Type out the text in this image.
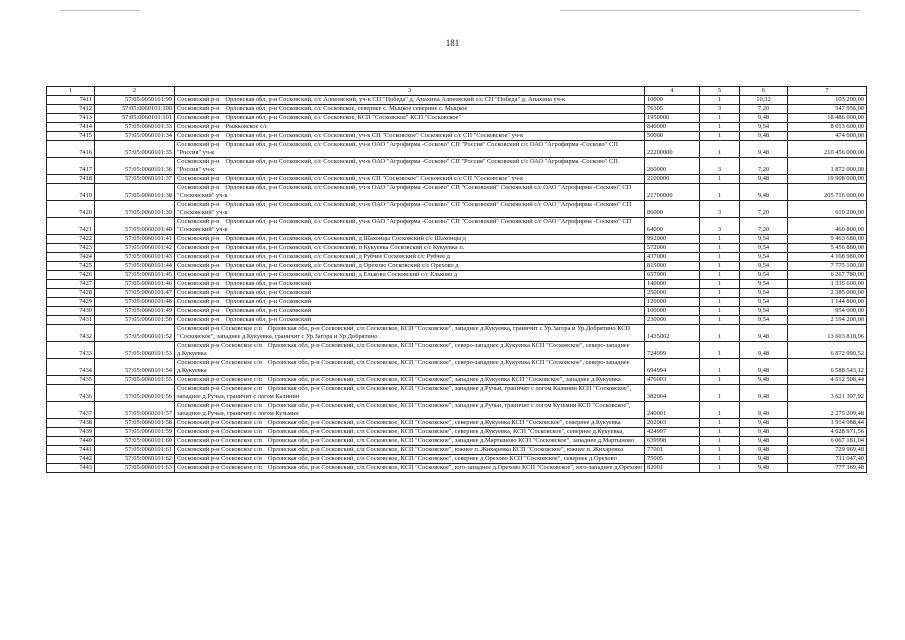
181
1	2	3	4	5	6	7
7411	57:05:0050101:99	Сосковский р-н Орловская обл, р-н Сосковский, с/с Алпеевский, уч-к СП "Победа" д. Анахина Алпеевский с/с СП "Победа" д. Анахина уч-к	10000	1	10,32	103 200,00
7412	57:05:0060101:100	Сосковский р-н Орловская обл, р-н Сосковский, с/с Сосковское, севернее с. Мыцкое северние с. Мыцкое	76305	3	7,20	547 956,00
7413	57:05:0060101:101	Сосковский р-н Орловская обл, р-н Сосковский, с/с Сосковское, КСП "Сосковское" КСП "Сосковское"	1950000	1	9,48	18 486 000,00
7414	57:05:0060101:33	Сосковский р-н Рыжковское с/с	840000	1	9,54	8 013 600,00
7415	57:05:0060101:34	Сосковский р-н Орловская обл, р-н Сосковский, с/с Сосковский, уч-к СП "Сосковское" Сосковский с/с СП "Сосковское" уч-к	50000	1	9,48	474 000,00
7416	57:05:0060101:35	Сосковский р-н Орловская обл, р-н Сосковский, с/с Сосковский, уч-к ОАО "Агрофирма -Сосково" СП "Россия" Сосковский с/с ОАО "Агрофирма -Сосково" СП "Россия" уч-к	22200000	1	9,48	210 456 000,00
7417	57:05:0060101:36	Сосковский р-н Орловская обл, р-н Сосковский, с/с Сосковский, уч-к ОАО "Агрофирма -Сосково" СП "Россия" Сосковский с/с ОАО "Агрофирма -Сосково" СП "Россия" уч-к	260000	3	7,20	1 872 000,00
7418	57:05:0060101:37	Сосковский р-н Орловская обл, р-н Сосковский, с/с Сосковский, уч-к СП "Сосковское" Сосковский с/с СП "Сосковское" уч-к	2100000	1	9,48	19 908 000,00
7419	57:05:0060101:38	Сосковский р-н Орловская обл, р-н Сосковский, с/с Сосковский, уч-к ОАО "Агрофирма -Сосково" СП "Сосковский" Сосковский с/с ОАО "Агрофирма -Сосково" СП "Сосковский" уч-к	21700000	1	9,48	205 716 000,00
7420	57:05:0060101:39	Сосковский р-н Орловская обл, р-н Сосковский, с/с Сосковский, уч-к ОАО "Агрофирма -Сосково" СП "Сосковский" Сосковский с/с ОАО "Агрофирма -Сосково" СП "Сосковский" уч-к	86000	3	7,20	619 200,00
7421	57:05:0060101:40	Сосковский р-н Орловская обл, р-н Сосковский, с/с Сосковский, уч-к ОАО "Агрофирма -Сосково" СП "Сосковский" Сосковский с/с ОАО "Агрофирма -Сосково" СП "Сосковский" уч-к	64000	3	7,20	460 800,00
7422	57:05:0060101:41	Сосковский р-н Орловская обл, р-н Сосковский, с/с Сосковский, д Шахонцы Сосковский с/с Шахонцы д	992000	1	9,54	9 463 680,00
7423	57:05:0060101:42	Сосковский р-н Орловская обл, р-н Сосковский, с/с Сосковский, п Кукуевка Сосковский с/с Кукуевка п.	572000	1	9,54	5 456 880,00
7424	57:05:0060101:43	Сосковский р-н Орловская обл, р-н Сосковский, с/с Сосковский, д Рубчее Сосковский с/с Рубчее д	437000	1	9,54	4 168 980,00
7425	57:05:0060101:44	Сосковский р-н Орловская обл, р-н Сосковский, с/с Сосковский, д Орехово Сосковский с/с Орехово д	815000	1	9,54	7 775 100,00
7426	57:05:0060101:45	Сосковский р-н Орловская обл, р-н Сосковский, с/с Сосковский, д Ельково Сосковский с/с Ельково д	657000	1	9,54	6 267 780,00
7427	57:05:0060101:46	Сосковский р-н Орловская обл, р-н Сосковский	140000	1	9,54	1 335 600,00
7428	57:05:0060101:47	Сосковский р-н Орловская обл, р-н Сосковский	250000	1	9,54	2 385 000,00
7429	57:05:0060101:48	Сосковский р-н Орловская обл, р-н Сосковский	120000	1	9,54	1 144 800,00
7430	57:05:0060101:49	Сосковский р-н Орловская обл, р-н Сосковский	100000	1	9,54	954 000,00
7431	57:05:0060101:50	Сосковский р-н Орловская обл, р-н Сосковский	230000	1	9,54	2 194 200,00
7432	57:05:0060101:52	Сосковский р-н Сосковское с/п Орловская обл, р-н Сосковский, с/п Сосковское, КСП "Сосковское", западнее д.Кукуевка, граничит с Ур.Загора и Ур.Добрятино КСП "Сосковское", западнее д.Кукуевка, граничит с Ур.Загора и Ур.Добрятино	1435002	1	9,48	13 603 818,96
7433	57:05:0060101:53	Сосковский р-н Сосковское с/п Орловская обл, р-н Сосковский, с/п Сосковское, КСП "Сосковское", северо-западнее д.Кукуевка КСП "Сосковское", северо-западнее д.Кукуевка	724999	1	9,48	6 872 990,52
7434	57:05:0060101:54	Сосковский р-н Сосковское с/п Орловская обл, р-н Сосковский, с/п Сосковское, КСП "Сосковское", северо-западнее д.Кукуевка КСП "Сосковское", северо-западнее д.Кукуевка	694994	1	9,48	6 588 543,12
7435	57:05:0060101:55	Сосковский р-н Сосковское с/п Орловская обл, р-н Сосковский, с/п Сосковское, КСП "Сосковское", западнее д.Кукуевка КСП "Сосковское", западнее д.Кукуевка	476003	1	9,48	4 512 508,44
7436	57:05:0060101:56	Сосковский р-н Сосковское с/п Орловская обл, р-н Сосковский, с/п Сосковское, КСП "Сосковское", западнее д.Ручьи, граничит с логом Калинин КСП "Сосковское", западнее д.Ручьи, граничит с логом Калинин	382004	1	9,48	3 621 397,92
7437	57:05:0060101:57	Сосковский р-н Сосковское с/п Орловская обл, р-н Сосковский, с/п Сосковское, КСП "Сосковское", западнее д.Ручьи, граничит с логом Кузьмин КСП "Сосковское", западнее д.Ручьи, граничит с логом Кузьмин	240001	1	9,48	2 275 209,48
7438	57:05:0060101:58	Сосковский р-н Сосковское с/п Орловская обл, р-н Сосковский, с/п Сосковское, КСП "Сосковское", севернее д.Кукуевка КСП "Сосковское", севернее д.Кукуевка	202003	1	9,48	1 914 988,44
7439	57:05:0060101:59	Сосковский р-н Сосковское с/п Орловская обл, р-н Сосковский, с/п Сосковское, КСП "Сосковское", севернее д.Кукуевка, КСП "Сосковское", севернее д.Кукуевка,	424997	1	9,48	4 028 971,56
7440	57:05:0060101:60	Сосковский р-н Сосковское с/п Орловская обл, р-н Сосковский, с/п Сосковское, КСП "Сосковское", западнее д.Мартыновo КСП "Сосковское", западнее д.Мартыновo	639998	1	9,48	6 067 181,04
7441	57:05:0060101:61	Сосковский р-н Сосковское с/п Орловская обл, р-н Сосковский, с/п Сосковское, КСП "Сосковское", южнее п..Жихаревка КСП "Сосковское", южнее п..Жихаревка	77001	1	9,48	729 969,48
7442	57:05:0060101:62	Сосковский р-н Сосковское с/п Орловская обл, р-н Сосковский, с/п Сосковское, КСП "Сосковское", севернее д.Орехово КСП "Сосковское", севернее д.Орехово	75005	1	9,48	711 047,40
7443	57:05:0060101:63	Сосковский р-н Сосковское с/п Орловская обл, р-н Сосковский, с/п Сосковское, КСП "Сосковское", юго-западнее д.Орехово КСП "Сосковское", юго-западнее д.Орехово	82001	1	9,48	777 369,48
